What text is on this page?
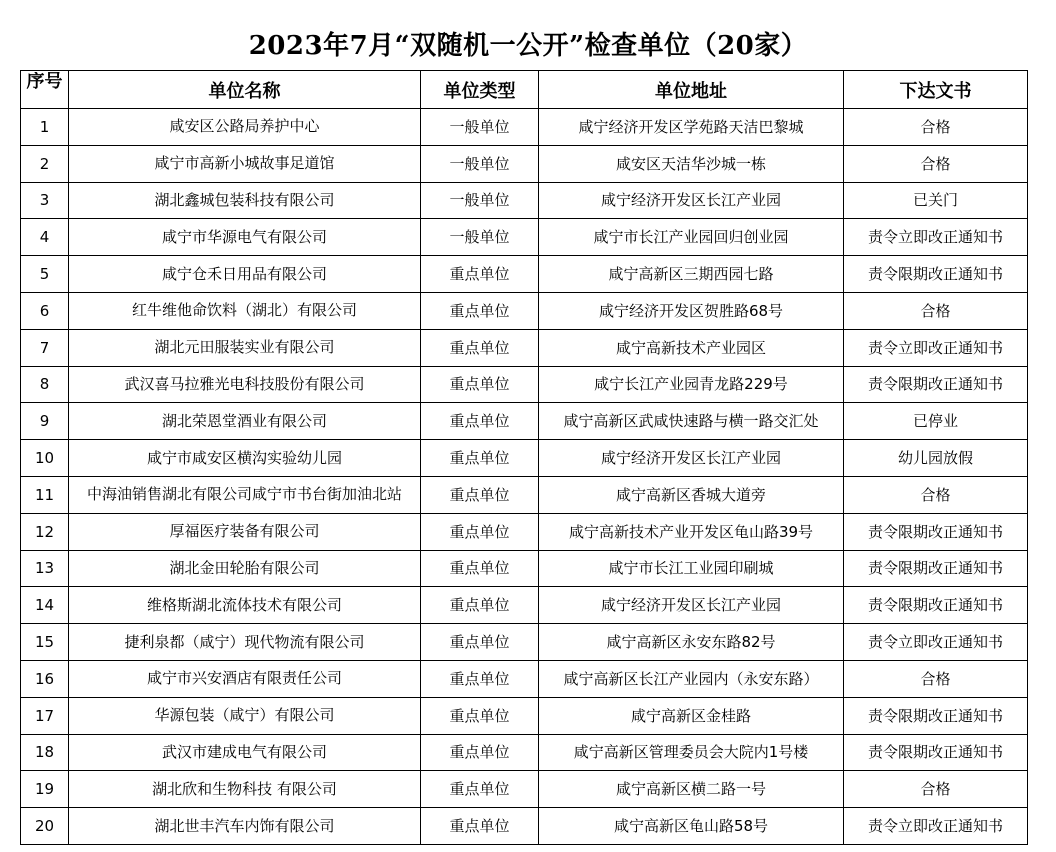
2023年7月“双随机一公开”检查单位（20家）
序号	单位名称	单位类型	单位地址	下达文书
1	咸安区公路局养护中心	一般单位	咸宁经济开发区学苑路天洁巴黎城	合格
2	咸宁市高新小城故事足道馆	一般单位	咸安区天洁华沙城一栋	合格
3	湖北鑫城包装科技有限公司	一般单位	咸宁经济开发区长江产业园	已关门
4	咸宁市华源电气有限公司	一般单位	咸宁市长江产业园回归创业园	责令立即改正通知书
5	咸宁仓禾日用品有限公司	重点单位	咸宁高新区三期西园七路	责令限期改正通知书
6	红牛维他命饮料（湖北）有限公司	重点单位	咸宁经济开发区贺胜路68号	合格
7	湖北元田服装实业有限公司	重点单位	咸宁高新技术产业园区	责令立即改正通知书
8	武汉喜马拉雅光电科技股份有限公司	重点单位	咸宁长江产业园青龙路229号	责令限期改正通知书
9	湖北荣恩堂酒业有限公司	重点单位	咸宁高新区武咸快速路与横一路交汇处	已停业
10	咸宁市咸安区横沟实验幼儿园	重点单位	咸宁经济开发区长江产业园	幼儿园放假
11	中海油销售湖北有限公司咸宁市书台街加油北站	重点单位	咸宁高新区香城大道旁	合格
12	厚福医疗装备有限公司	重点单位	咸宁高新技术产业开发区龟山路39号	责令限期改正通知书
13	湖北金田轮胎有限公司	重点单位	咸宁市长江工业园印刷城	责令限期改正通知书
14	维格斯湖北流体技术有限公司	重点单位	咸宁经济开发区长江产业园	责令限期改正通知书
15	捷利泉都（咸宁）现代物流有限公司	重点单位	咸宁高新区永安东路82号	责令立即改正通知书
16	咸宁市兴安酒店有限责任公司	重点单位	咸宁高新区长江产业园内（永安东路）	合格
17	华源包装（咸宁）有限公司	重点单位	咸宁高新区金桂路	责令限期改正通知书
18	武汉市建成电气有限公司	重点单位	咸宁高新区管理委员会大院内1号楼	责令限期改正通知书
19	湖北欣和生物科技 有限公司	重点单位	咸宁高新区横二路一号	合格
20	湖北世丰汽车内饰有限公司	重点单位	咸宁高新区龟山路58号	责令立即改正通知书
